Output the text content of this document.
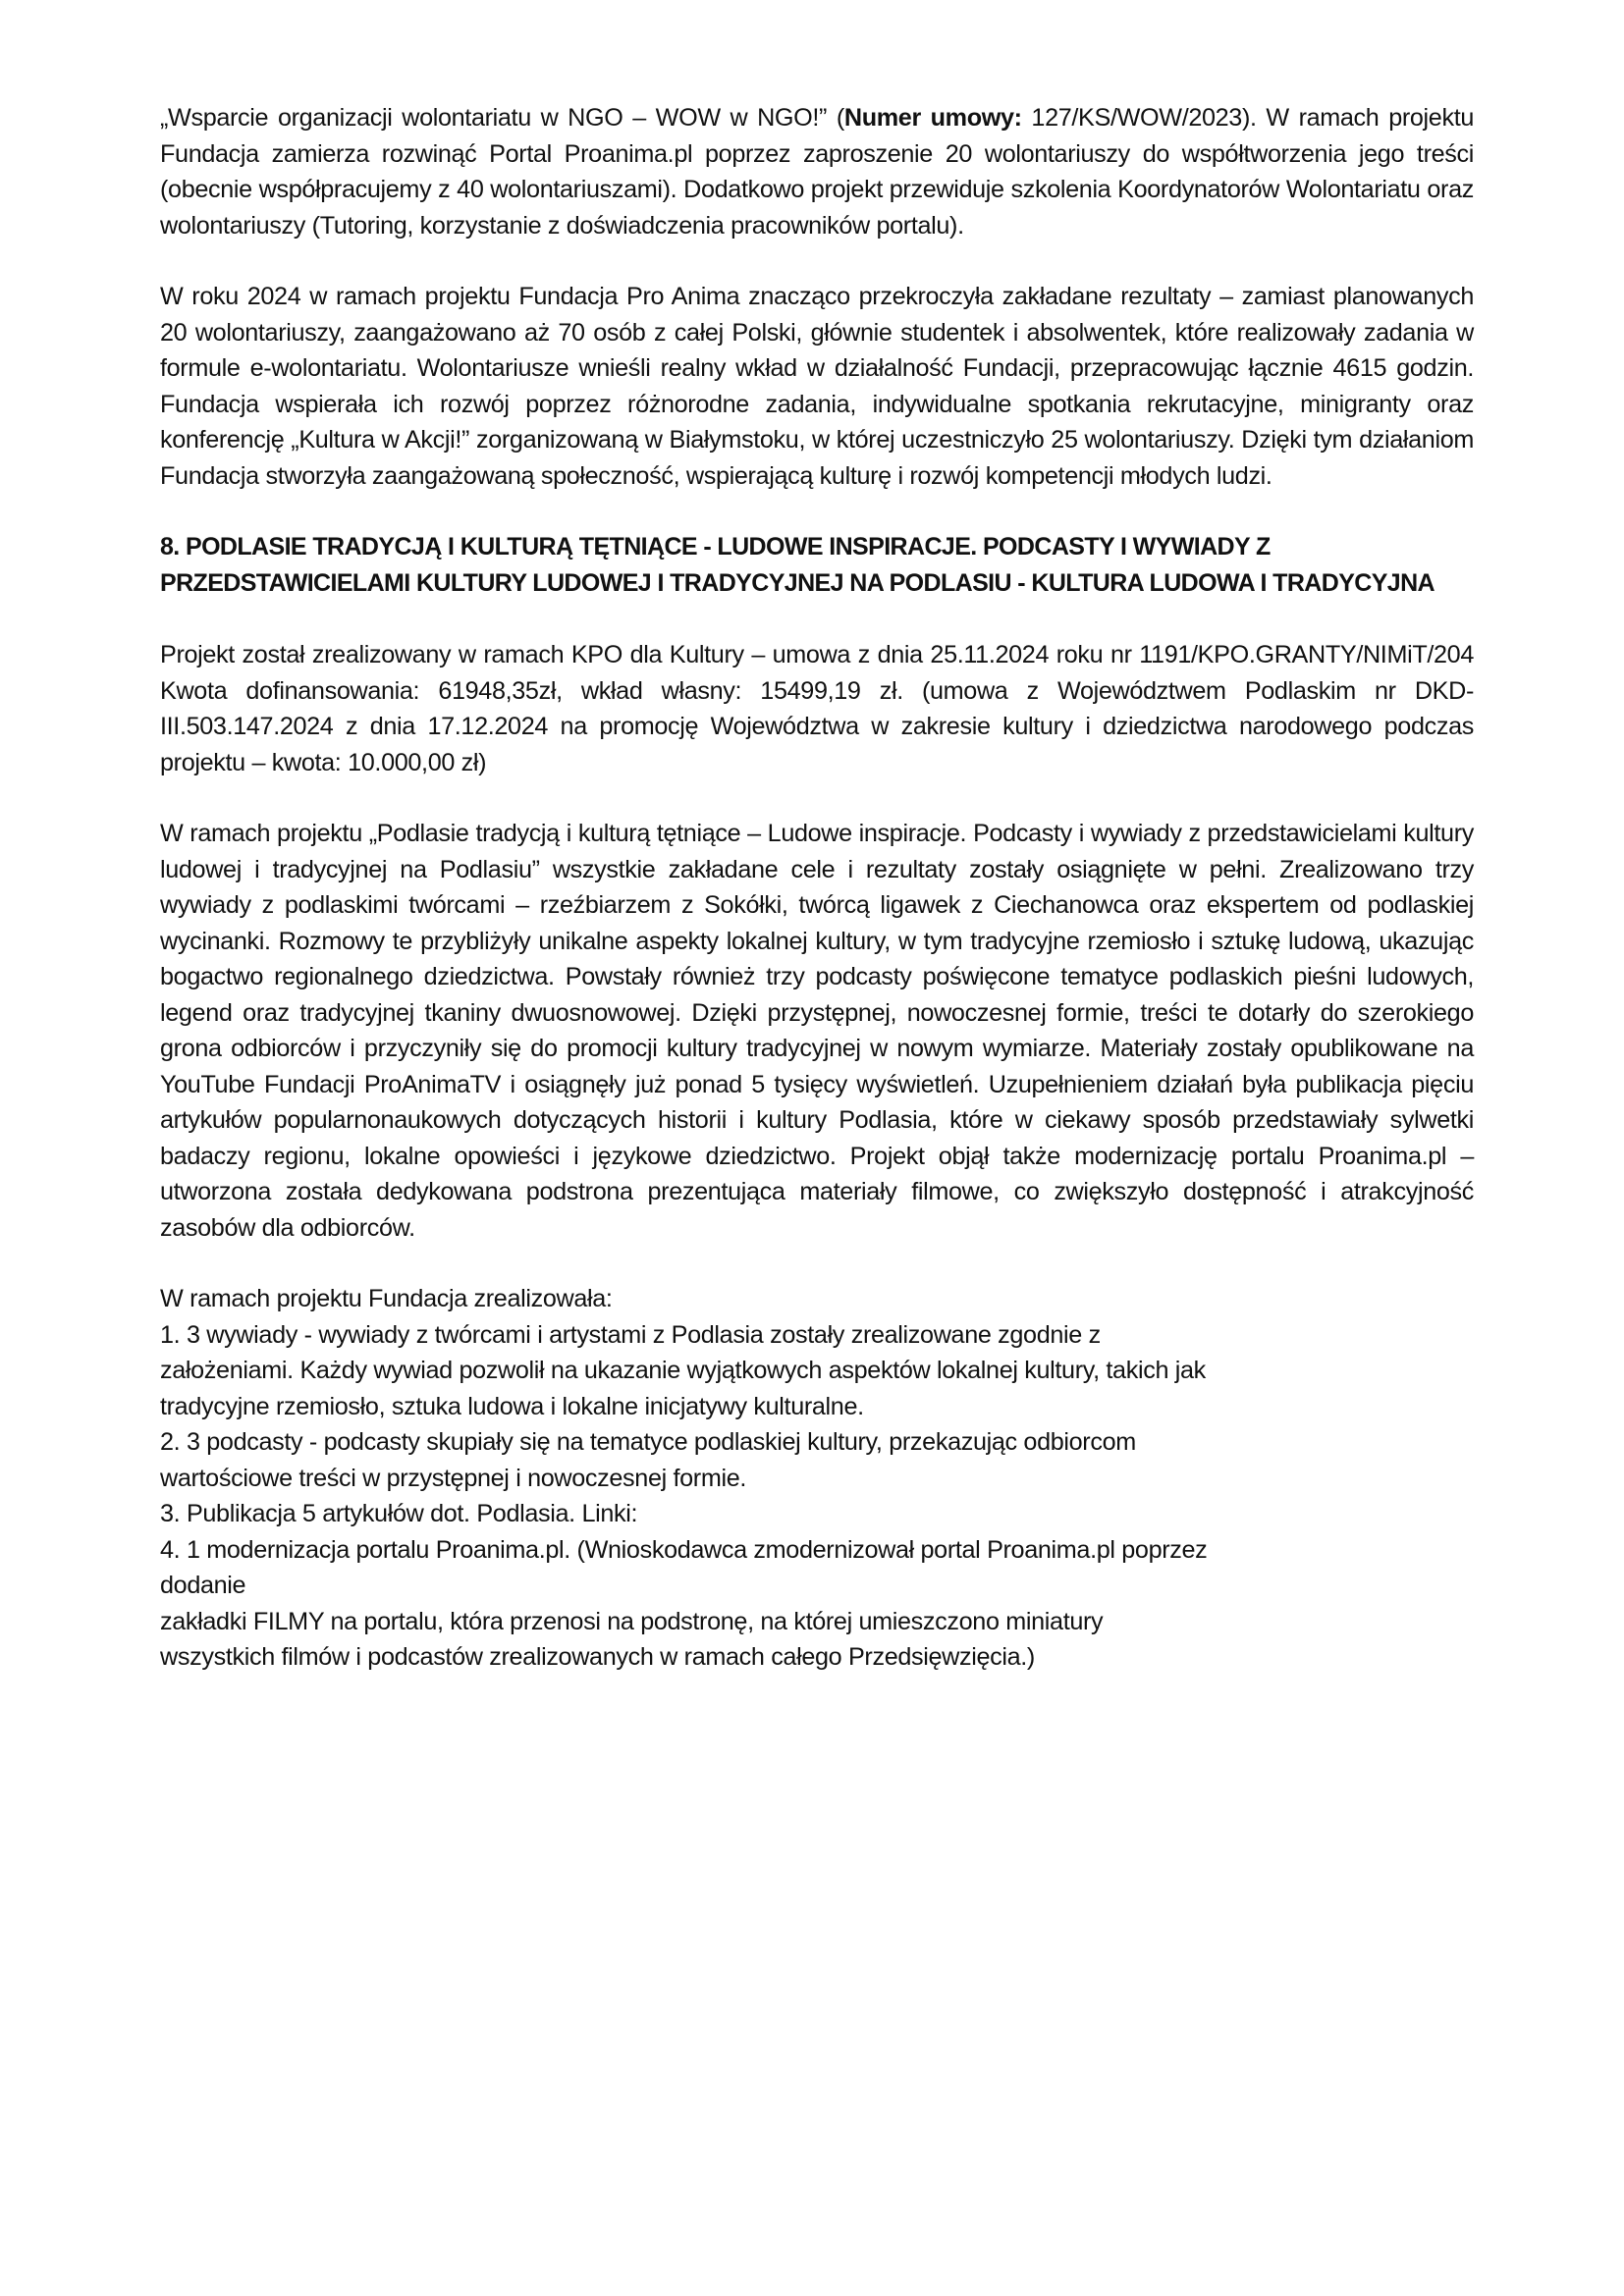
„Wsparcie organizacji wolontariatu w NGO – WOW w NGO!” (Numer umowy: 127/KS/WOW/2023). W ramach projektu Fundacja zamierza rozwinąć Portal Proanima.pl poprzez zaproszenie 20 wolontariuszy do współtworzenia jego treści (obecnie współpracujemy z 40 wolontariuszami). Dodatkowo projekt przewiduje szkolenia Koordynatorów Wolontariatu oraz wolontariuszy (Tutoring, korzystanie z doświadczenia pracowników portalu).

W roku 2024 w ramach projektu Fundacja Pro Anima znacząco przekroczyła zakładane rezultaty – zamiast planowanych 20 wolontariuszy, zaangażowano aż 70 osób z całej Polski, głównie studentek i absolwentek, które realizowały zadania w formule e-wolontariatu. Wolontariusze wnieśli realny wkład w działalność Fundacji, przepracowując łącznie 4615 godzin. Fundacja wspierała ich rozwój poprzez różnorodne zadania, indywidualne spotkania rekrutacyjne, minigranty oraz konferencję „Kultura w Akcji!” zorganizowaną w Białymstoku, w której uczestniczyło 25 wolontariuszy. Dzięki tym działaniom Fundacja stworzyła zaangażowaną społeczność, wspierającą kulturę i rozwój kompetencji młodych ludzi.

8. PODLASIE TRADYCJĄ I KULTURĄ TĘTNIĄCE - LUDOWE INSPIRACJE. PODCASTY I WYWIADY Z PRZEDSTAWICIELAMI KULTURY LUDOWEJ I TRADYCYJNEJ NA PODLASIU - KULTURA LUDOWA I TRADYCYJNA

Projekt został zrealizowany w ramach KPO dla Kultury – umowa z dnia 25.11.2024 roku nr 1191/KPO.GRANTY/NIMiT/204 Kwota dofinansowania: 61948,35zł, wkład własny: 15499,19 zł. (umowa z Województwem Podlaskim nr DKD-III.503.147.2024 z dnia 17.12.2024 na promocję Województwa w zakresie kultury i dziedzictwa narodowego podczas projektu – kwota: 10.000,00 zł)

W ramach projektu „Podlasie tradycją i kulturą tętniące – Ludowe inspiracje. Podcasty i wywiady z przedstawicielami kultury ludowej i tradycyjnej na Podlasiu” wszystkie zakładane cele i rezultaty zostały osiągnięte w pełni. Zrealizowano trzy wywiady z podlaskimi twórcami – rzeźbiarzem z Sokółki, twórcą ligawek z Ciechanowca oraz ekspertem od podlaskiej wycinanki. Rozmowy te przybliżyły unikalne aspekty lokalnej kultury, w tym tradycyjne rzemiosło i sztukę ludową, ukazując bogactwo regionalnego dziedzictwa. Powstały również trzy podcasty poświęcone tematyce podlaskich pieśni ludowych, legend oraz tradycyjnej tkaniny dwuosnowowej. Dzięki przystępnej, nowoczesnej formie, treści te dotarły do szerokiego grona odbiorców i przyczyniły się do promocji kultury tradycyjnej w nowym wymiarze. Materiały zostały opublikowane na YouTube Fundacji ProAnimaTV i osiągnęły już ponad 5 tysięcy wyświetleń. Uzupełnieniem działań była publikacja pięciu artykułów popularnonaukowych dotyczących historii i kultury Podlasia, które w ciekawy sposób przedstawiały sylwetki badaczy regionu, lokalne opowieści i językowe dziedzictwo. Projekt objął także modernizację portalu Proanima.pl – utworzona została dedykowana podstrona prezentująca materiały filmowe, co zwiększyło dostępność i atrakcyjność zasobów dla odbiorców.

W ramach projektu Fundacja zrealizowała:

1. 3 wywiady - wywiady z twórcami i artystami z Podlasia zostały zrealizowane zgodnie z

założeniami. Każdy wywiad pozwolił na ukazanie wyjątkowych aspektów lokalnej kultury, takich jak

tradycyjne rzemiosło, sztuka ludowa i lokalne inicjatywy kulturalne.

2. 3 podcasty - podcasty skupiały się na tematyce podlaskiej kultury, przekazując odbiorcom

wartościowe treści w przystępnej i nowoczesnej formie.

3. Publikacja 5 artykułów dot. Podlasia. Linki:

4. 1 modernizacja portalu Proanima.pl. (Wnioskodawca zmodernizował portal Proanima.pl poprzez

dodanie

zakładki FILMY na portalu, która przenosi na podstronę, na której umieszczono miniatury

wszystkich filmów i podcastów zrealizowanych w ramach całego Przedsięwzięcia.)
